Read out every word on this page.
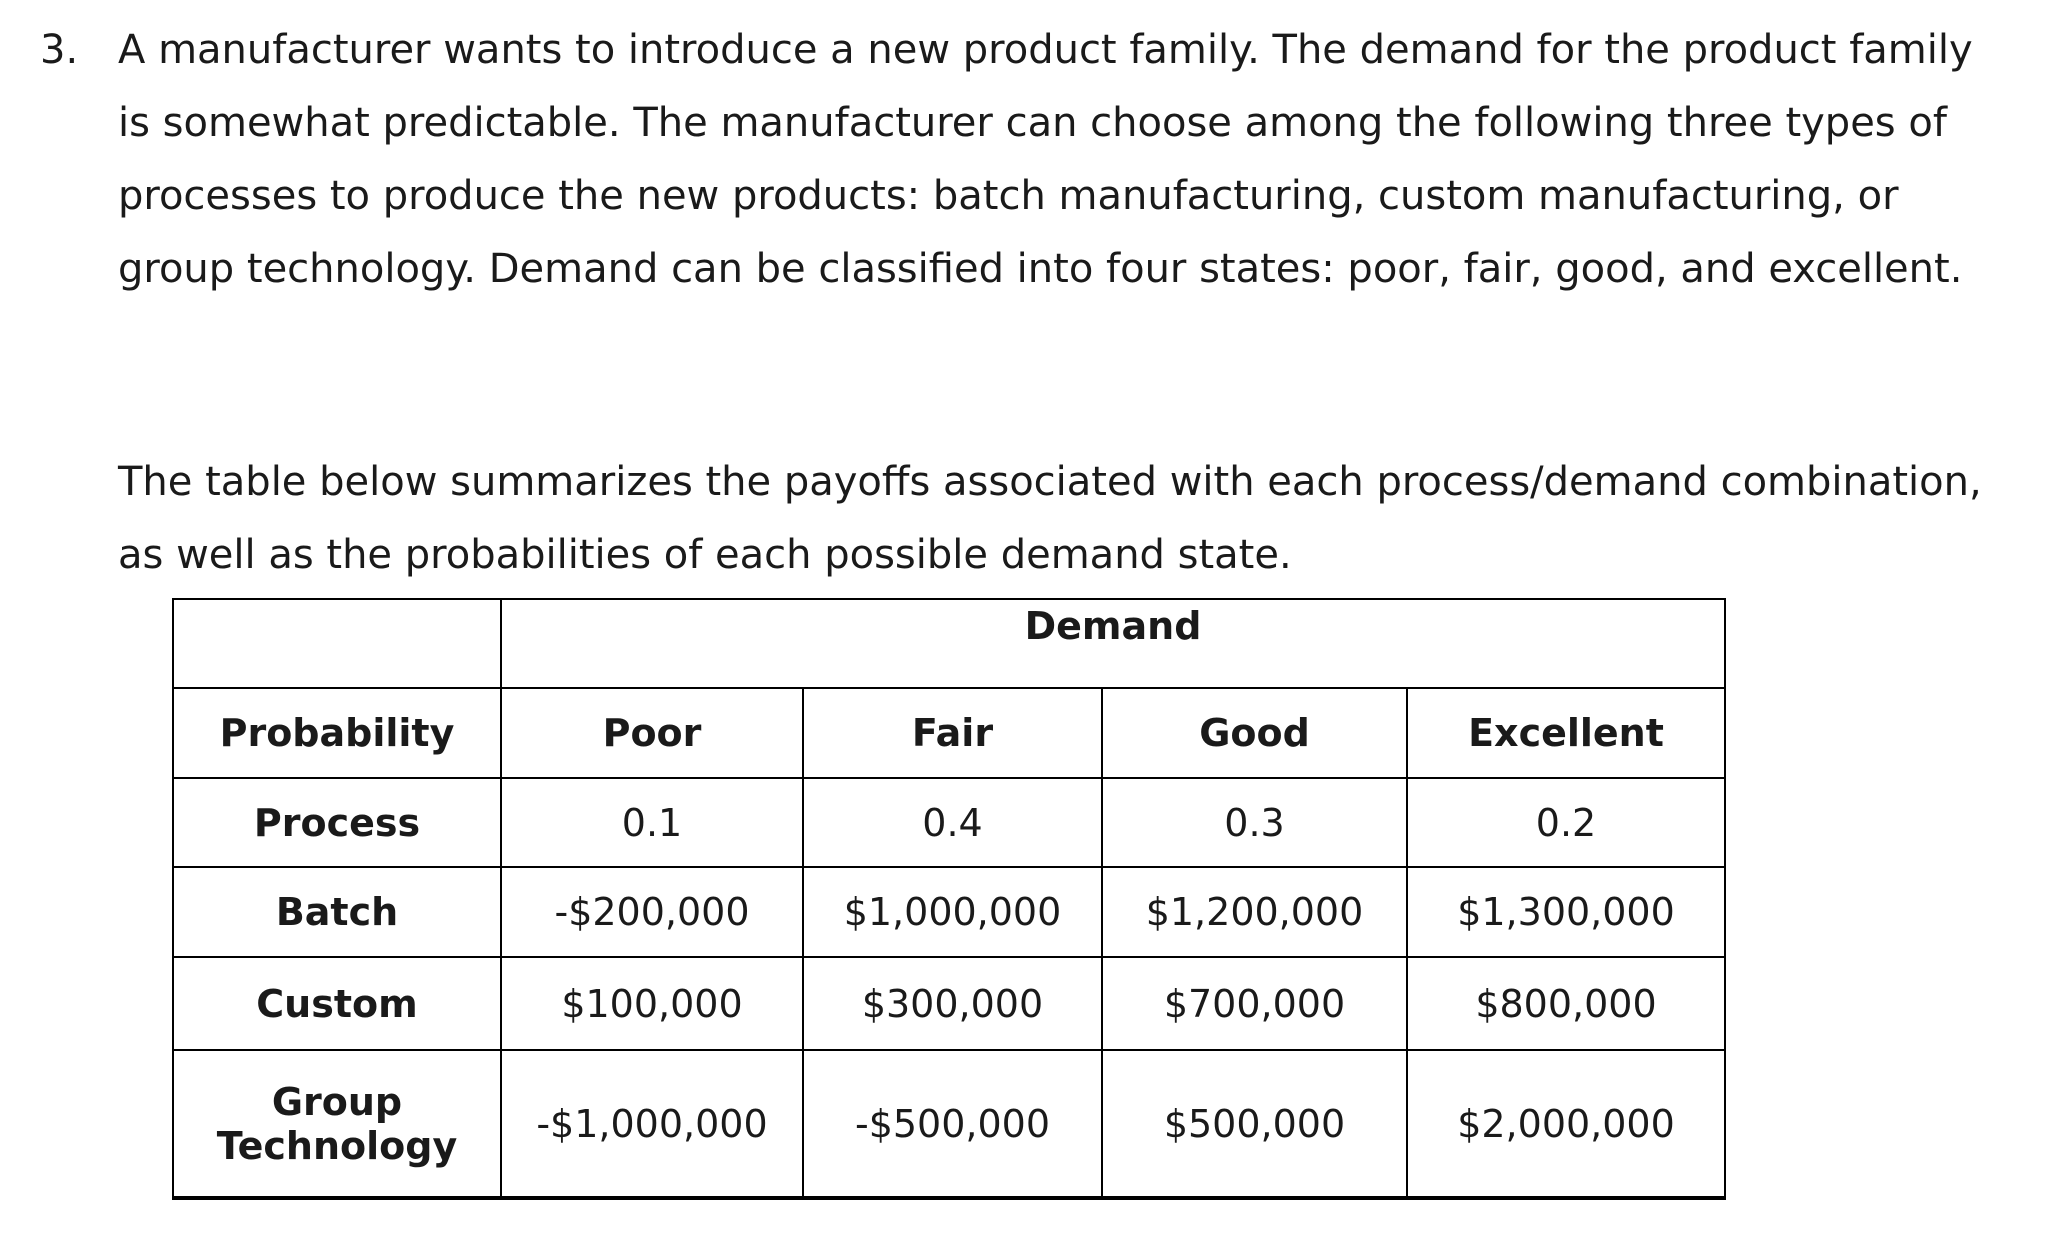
3. A manufacturer wants to introduce a new product family. The demand for the product family is somewhat predictable. The manufacturer can choose among the following three types of processes to produce the new products: batch manufacturing, custom manufacturing, or group technology. Demand can be classified into four states: poor, fair, good, and excellent.
The table below summarizes the payoffs associated with each process/demand combination, as well as the probabilities of each possible demand state.
	Demand			
Probability	Poor	Fair	Good	Excellent
Process	0.1	0.4	0.3	0.2
Batch	-$200,000	$1,000,000	$1,200,000	$1,300,000
Custom	$100,000	$300,000	$700,000	$800,000
Group Technology	-$1,000,000	-$500,000	$500,000	$2,000,000
